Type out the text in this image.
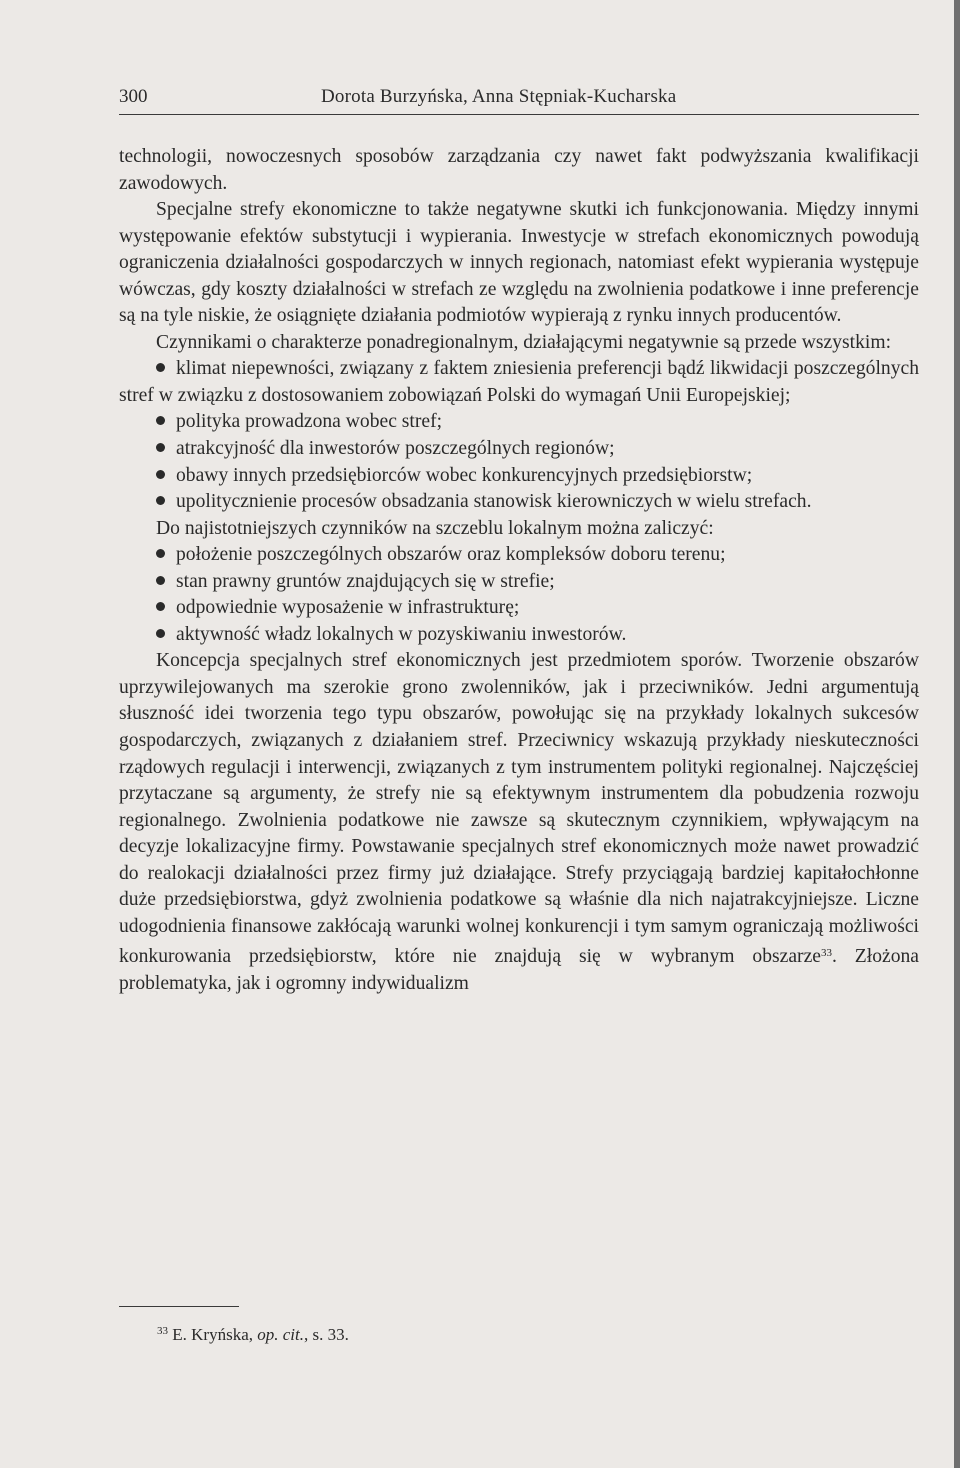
300	Dorota Burzyńska, Anna Stępniak-Kucharska

technologii, nowoczesnych sposobów zarządzania czy nawet fakt podwyższania kwalifikacji zawodowych.

Specjalne strefy ekonomiczne to także negatywne skutki ich funkcjonowania. Między innymi występowanie efektów substytucji i wypierania. Inwestycje w strefach ekonomicznych powodują ograniczenia działalności gospodarczych w innych regionach, natomiast efekt wypierania występuje wówczas, gdy koszty działalności w strefach ze względu na zwolnienia podatkowe i inne preferencje są na tyle niskie, że osiągnięte działania podmiotów wypierają z rynku innych producentów.

Czynnikami o charakterze ponadregionalnym, działającymi negatywnie są przede wszystkim:

klimat niepewności, związany z faktem zniesienia preferencji bądź likwidacji poszczególnych stref w związku z dostosowaniem zobowiązań Polski do wymagań Unii Europejskiej;

polityka prowadzona wobec stref;

atrakcyjność dla inwestorów poszczególnych regionów;

obawy innych przedsiębiorców wobec konkurencyjnych przedsiębiorstw;

upolitycznienie procesów obsadzania stanowisk kierowniczych w wielu strefach.

Do najistotniejszych czynników na szczeblu lokalnym można zaliczyć:

położenie poszczególnych obszarów oraz kompleksów doboru terenu;

stan prawny gruntów znajdujących się w strefie;

odpowiednie wyposażenie w infrastrukturę;

aktywność władz lokalnych w pozyskiwaniu inwestorów.

Koncepcja specjalnych stref ekonomicznych jest przedmiotem sporów. Tworzenie obszarów uprzywilejowanych ma szerokie grono zwolenników, jak i przeciwników. Jedni argumentują słuszność idei tworzenia tego typu obszarów, powołując się na przykłady lokalnych sukcesów gospodarczych, związanych z działaniem stref. Przeciwnicy wskazują przykłady nieskuteczności rządowych regulacji i interwencji, związanych z tym instrumentem polityki regionalnej. Najczęściej przytaczane są argumenty, że strefy nie są efektywnym instrumentem dla pobudzenia rozwoju regionalnego. Zwolnienia podatkowe nie zawsze są skutecznym czynnikiem, wpływającym na decyzje lokalizacyjne firmy. Powstawanie specjalnych stref ekonomicznych może nawet prowadzić do realokacji działalności przez firmy już działające. Strefy przyciągają bardziej kapitałochłonne duże przedsiębiorstwa, gdyż zwolnienia podatkowe są właśnie dla nich najatrakcyjniejsze. Liczne udogodnienia finansowe zakłócają warunki wolnej konkurencji i tym samym ograniczają możliwości konkurowania przedsiębiorstw, które nie znajdują się w wybranym obszarze$^{33}$. Złożona problematyka, jak i ogromny indywidualizm

$^{33}$ E. Kryńska, op. cit., s. 33.
